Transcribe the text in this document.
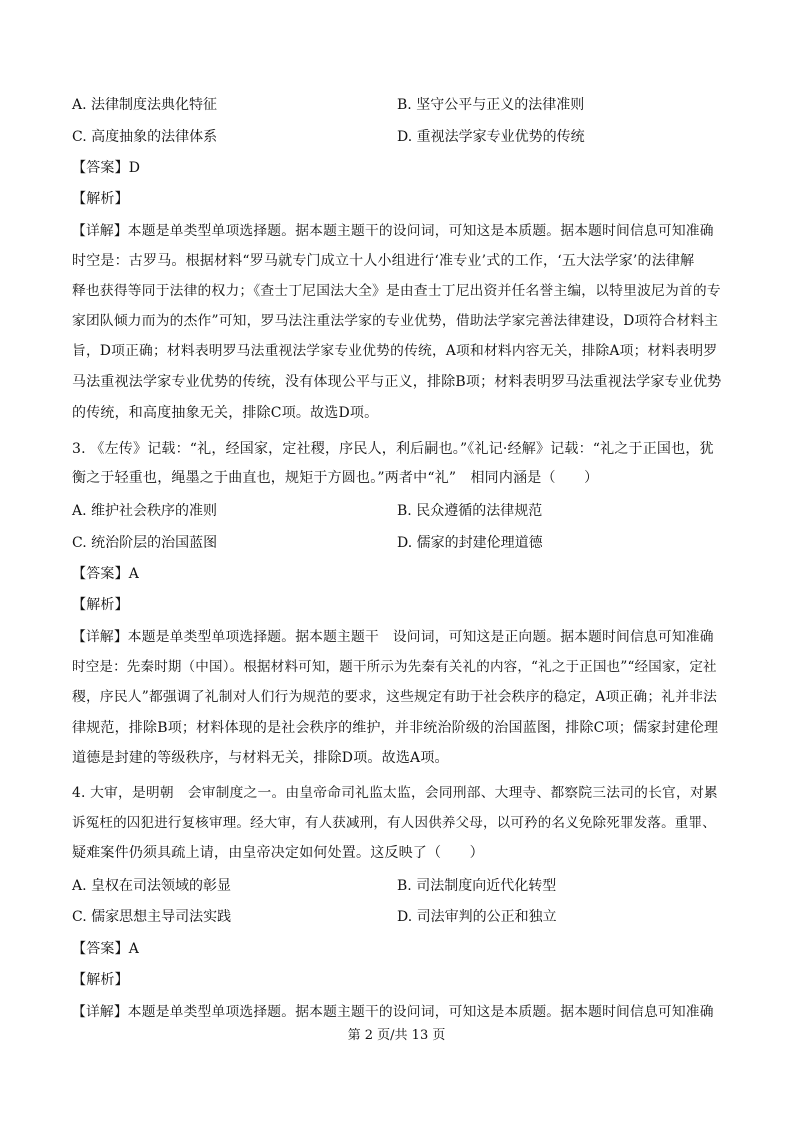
A. 法律制度法典化特征	B. 坚守公平与正义的法律准则
C. 高度抽象的法律体系	D. 重视法学家专业优势的传统
【答案】D
【解析】
【详解】本题是单类型单项选择题。据本题主题干的设问词，可知这是本质题。据本题时间信息可知准确
时空是：古罗马。根据材料“罗马就专门成立十人小组进行‘准专业’式的工作，‘五大法学家’的法律解
释也获得等同于法律的权力；《查士丁尼国法大全》是由查士丁尼出资并任名誉主编，以特里波尼为首的专
家团队倾力而为的杰作”可知，罗马法注重法学家的专业优势，借助法学家完善法律建设，D项符合材料主
旨，D项正确；材料表明罗马法重视法学家专业优势的传统，A项和材料内容无关，排除A项；材料表明罗
马法重视法学家专业优势的传统，没有体现公平与正义，排除B项；材料表明罗马法重视法学家专业优势
的传统，和高度抽象无关，排除C项。故选D项。
3. 《左传》记载：“礼，经国家，定社稷，序民人，利后嗣也。”《礼记·经解》记载：“礼之于正国也，犹
衡之于轻重也，绳墨之于曲直也，规矩于方圆也。”两者中“礼”　相同内涵是（　　）
A. 维护社会秩序的准则	B. 民众遵循的法律规范
C. 统治阶层的治国蓝图	D. 儒家的封建伦理道德
【答案】A
【解析】
【详解】本题是单类型单项选择题。据本题主题干　设问词，可知这是正向题。据本题时间信息可知准确
时空是：先秦时期（中国）。根据材料可知，题干所示为先秦有关礼的内容，“礼之于正国也”“经国家，定社
稷，序民人”都强调了礼制对人们行为规范的要求，这些规定有助于社会秩序的稳定，A项正确；礼并非法
律规范，排除B项；材料体现的是社会秩序的维护，并非统治阶级的治国蓝图，排除C项；儒家封建伦理
道德是封建的等级秩序，与材料无关，排除D项。故选A项。
4. 大审，是明朝　会审制度之一。由皇帝命司礼监太监，会同刑部、大理寺、都察院三法司的长官，对累
诉冤枉的囚犯进行复核审理。经大审，有人获减刑，有人因供养父母，以可矜的名义免除死罪发落。重罪、
疑难案件仍须具疏上请，由皇帝决定如何处置。这反映了（　　）
A. 皇权在司法领域的彰显	B. 司法制度向近代化转型
C. 儒家思想主导司法实践	D. 司法审判的公正和独立
【答案】A
【解析】
【详解】本题是单类型单项选择题。据本题主题干的设问词，可知这是本质题。据本题时间信息可知准确
第 2 页/共 13 页
